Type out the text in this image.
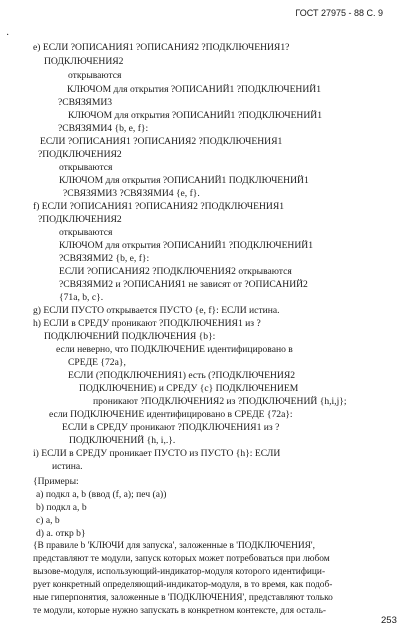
ГОСТ 27975 - 88 С. 9
·
e) ЕСЛИ ?ОПИСАНИЯ1 ?ОПИСАНИЯ2 ?ПОДКЛЮЧЕНИЯ1?
ПОДКЛЮЧЕНИЯ2
открываются
КЛЮЧОМ для открытия ?ОПИСАНИЙ1 ?ПОДКЛЮЧЕНИЙ1
?СВЯЗЯМИ3
КЛЮЧОМ для открытия ?ОПИСАНИЙ1 ?ПОДКЛЮЧЕНИЙ1
?СВЯЗЯМИ4 {b, e, f}:
ЕСЛИ ?ОПИСАНИЯ1 ?ОПИСАНИЯ2 ?ПОДКЛЮЧЕНИЯ1
?ПОДКЛЮЧЕНИЯ2
открываются
КЛЮЧОМ для открытия ?ОПИСАНИЙ1 ПОДКЛЮЧЕНИЙ1
?СВЯЗЯМИ3 ?СВЯЗЯМИ4 {e, f}.
f) ЕСЛИ ?ОПИСАНИЯ1 ?ОПИСАНИЯ2 ?ПОДКЛЮЧЕНИЯ1
?ПОДКЛЮЧЕНИЯ2
открываются
КЛЮЧОМ для открытия ?ОПИСАНИЙ1 ?ПОДКЛЮЧЕНИЙ1
?СВЯЗЯМИ2 {b, e, f}:
ЕСЛИ ?ОПИСАНИЯ2 ?ПОДКЛЮЧЕНИЯ2 открываются
?СВЯЗЯМИ2 и ?ОПИСАНИЯ1 не зависят от ?ОПИСАНИЙ2
{71a, b, c}.
g) ЕСЛИ ПУСТО открывается ПУСТО {e, f}: ЕСЛИ истина.
h) ЕСЛИ в СРЕДУ проникают ?ПОДКЛЮЧЕНИЯ1 из ?
ПОДКЛЮЧЕНИЙ ПОДКЛЮЧЕНИЯ {b}:
если неверно, что ПОДКЛЮЧЕНИЕ идентифицировано в
СРЕДЕ {72a},
ЕСЛИ (?ПОДКЛЮЧЕНИЯ1) есть (?ПОДКЛЮЧЕНИЯ2
ПОДКЛЮЧЕНИЕ) и СРЕДУ {c} ПОДКЛЮЧЕНИЕМ
проникают ?ПОДКЛЮЧЕНИЯ2 из ?ПОДКЛЮЧЕНИЙ {h,i,j};
если ПОДКЛЮЧЕНИЕ идентифицировано в СРЕДЕ {72a}:
ЕСЛИ в СРЕДУ проникают ?ПОДКЛЮЧЕНИЯ1 из ?
ПОДКЛЮЧЕНИЙ {h, i,.}.
i) ЕСЛИ в СРЕДУ проникает ПУСТО из ПУСТО {h}: ЕСЛИ
истина.
{Примеры:
a) подкл a, b (ввод (f, a); печ (a))
b) подкл a, b
c) a, b
d) a. откр b}
{В правиле b 'КЛЮЧИ для запуска', заложенные в 'ПОДКЛЮЧЕНИЯ',
представляют те модули, запуск которых может потребоваться при любом
вызове-модуля, использующий-индикатор-модуля которого идентифици-
рует конкретный определяющий-индикатор-модуля, в то время, как подоб-
ные гиперпонятия, заложенные в 'ПОДКЛЮЧЕНИЯ', представляют только
те модули, которые нужно запускать в конкретном контексте, для осталь-
253
